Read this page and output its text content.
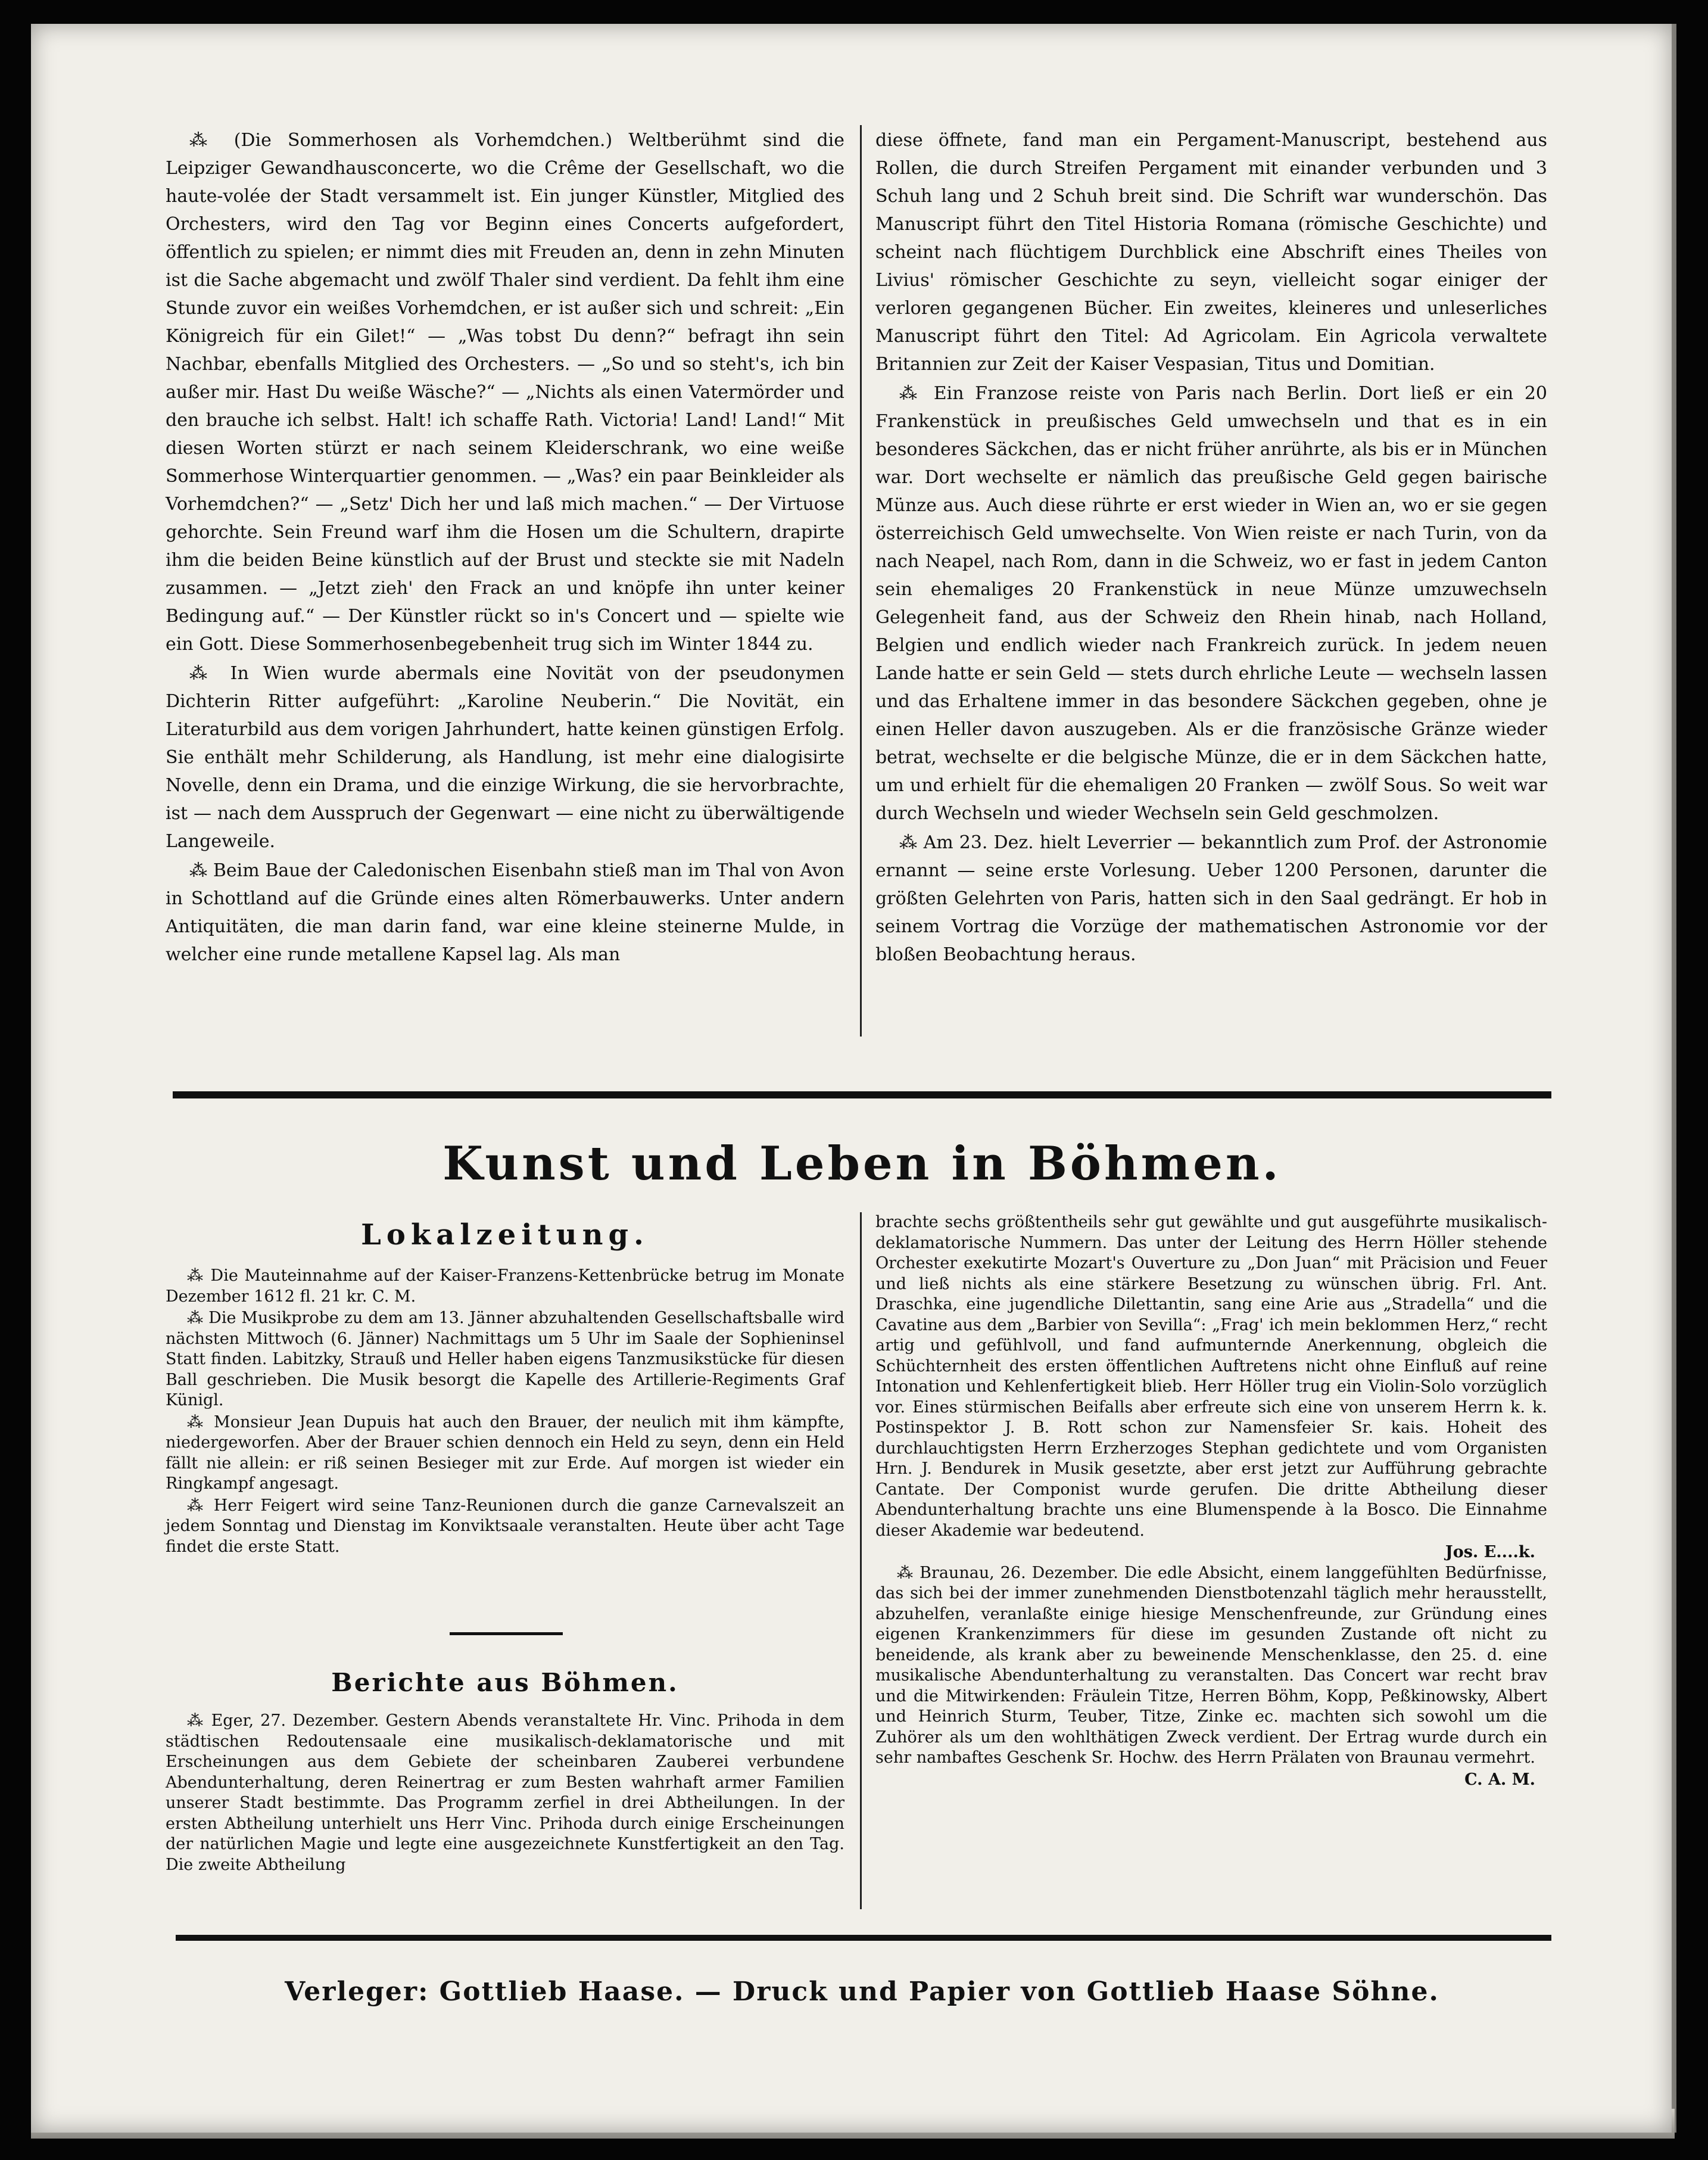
⁂ (Die Sommerhosen als Vorhemdchen.) Weltberühmt sind die Leipziger Gewandhausconcerte, wo die Crême der Gesellschaft, wo die haute-volée der Stadt versammelt ist. Ein junger Künstler, Mitglied des Orchesters, wird den Tag vor Beginn eines Concerts aufgefordert, öffentlich zu spielen; er nimmt dies mit Freuden an, denn in zehn Minuten ist die Sache abgemacht und zwölf Thaler sind verdient. Da fehlt ihm eine Stunde zuvor ein weißes Vorhemdchen, er ist außer sich und schreit: „Ein Königreich für ein Gilet!“ — „Was tobst Du denn?“ befragt ihn sein Nachbar, ebenfalls Mitglied des Orchesters. — „So und so steht's, ich bin außer mir. Hast Du weiße Wäsche?“ — „Nichts als einen Vatermörder und den brauche ich selbst. Halt! ich schaffe Rath. Victoria! Land! Land!“ Mit diesen Worten stürzt er nach seinem Kleiderschrank, wo eine weiße Sommerhose Winterquartier genommen. — „Was? ein paar Beinkleider als Vorhemdchen?“ — „Setz' Dich her und laß mich machen.“ — Der Virtuose gehorchte. Sein Freund warf ihm die Hosen um die Schultern, drapirte ihm die beiden Beine künstlich auf der Brust und steckte sie mit Nadeln zusammen. — „Jetzt zieh' den Frack an und knöpfe ihn unter keiner Bedingung auf.“ — Der Künstler rückt so in's Concert und — spielte wie ein Gott. Diese Sommerhosenbegebenheit trug sich im Winter 1844 zu.

⁂ In Wien wurde abermals eine Novität von der pseudonymen Dichterin Ritter aufgeführt: „Karoline Neuberin.“ Die Novität, ein Literaturbild aus dem vorigen Jahrhundert, hatte keinen günstigen Erfolg. Sie enthält mehr Schilderung, als Handlung, ist mehr eine dialogisirte Novelle, denn ein Drama, und die einzige Wirkung, die sie hervorbrachte, ist — nach dem Ausspruch der Gegenwart — eine nicht zu überwältigende Langeweile.

⁂ Beim Baue der Caledonischen Eisenbahn stieß man im Thal von Avon in Schottland auf die Gründe eines alten Römerbauwerks. Unter andern Antiquitäten, die man darin fand, war eine kleine steinerne Mulde, in welcher eine runde metallene Kapsel lag. Als man

diese öffnete, fand man ein Pergament-Manuscript, bestehend aus Rollen, die durch Streifen Pergament mit einander verbunden und 3 Schuh lang und 2 Schuh breit sind. Die Schrift war wunderschön. Das Manuscript führt den Titel Historia Romana (römische Geschichte) und scheint nach flüchtigem Durchblick eine Abschrift eines Theiles von Livius' römischer Geschichte zu seyn, vielleicht sogar einiger der verloren gegangenen Bücher. Ein zweites, kleineres und unleserliches Manuscript führt den Titel: Ad Agricolam. Ein Agricola verwaltete Britannien zur Zeit der Kaiser Vespasian, Titus und Domitian.

⁂ Ein Franzose reiste von Paris nach Berlin. Dort ließ er ein 20 Frankenstück in preußisches Geld umwechseln und that es in ein besonderes Säckchen, das er nicht früher anrührte, als bis er in München war. Dort wechselte er nämlich das preußische Geld gegen bairische Münze aus. Auch diese rührte er erst wieder in Wien an, wo er sie gegen österreichisch Geld umwechselte. Von Wien reiste er nach Turin, von da nach Neapel, nach Rom, dann in die Schweiz, wo er fast in jedem Canton sein ehemaliges 20 Frankenstück in neue Münze umzuwechseln Gelegenheit fand, aus der Schweiz den Rhein hinab, nach Holland, Belgien und endlich wieder nach Frankreich zurück. In jedem neuen Lande hatte er sein Geld — stets durch ehrliche Leute — wechseln lassen und das Erhaltene immer in das besondere Säckchen gegeben, ohne je einen Heller davon auszugeben. Als er die französische Gränze wieder betrat, wechselte er die belgische Münze, die er in dem Säckchen hatte, um und erhielt für die ehemaligen 20 Franken — zwölf Sous. So weit war durch Wechseln und wieder Wechseln sein Geld geschmolzen.

⁂ Am 23. Dez. hielt Leverrier — bekanntlich zum Prof. der Astronomie ernannt — seine erste Vorlesung. Ueber 1200 Personen, darunter die größten Gelehrten von Paris, hatten sich in den Saal gedrängt. Er hob in seinem Vortrag die Vorzüge der mathematischen Astronomie vor der bloßen Beobachtung heraus.

Kunst und Leben in Böhmen.
Lokalzeitung.

⁂ Die Mauteinnahme auf der Kaiser-Franzens-Kettenbrücke betrug im Monate Dezember 1612 fl. 21 kr. C. M.

⁂ Die Musikprobe zu dem am 13. Jänner abzuhaltenden Gesellschaftsballe wird nächsten Mittwoch (6. Jänner) Nachmittags um 5 Uhr im Saale der Sophieninsel Statt finden. Labitzky, Strauß und Heller haben eigens Tanzmusikstücke für diesen Ball geschrieben. Die Musik besorgt die Kapelle des Artillerie-Regiments Graf Künigl.

⁂ Monsieur Jean Dupuis hat auch den Brauer, der neulich mit ihm kämpfte, niedergeworfen. Aber der Brauer schien dennoch ein Held zu seyn, denn ein Held fällt nie allein: er riß seinen Besieger mit zur Erde. Auf morgen ist wieder ein Ringkampf angesagt.

⁂ Herr Feigert wird seine Tanz-Reunionen durch die ganze Carnevalszeit an jedem Sonntag und Dienstag im Konviktsaale veranstalten. Heute über acht Tage findet die erste Statt.

Berichte aus Böhmen.

⁂ Eger, 27. Dezember. Gestern Abends veranstaltete Hr. Vinc. Prihoda in dem städtischen Redoutensaale eine musikalisch-deklamatorische und mit Erscheinungen aus dem Gebiete der scheinbaren Zauberei verbundene Abendunterhaltung, deren Reinertrag er zum Besten wahrhaft armer Familien unserer Stadt bestimmte. Das Programm zerfiel in drei Abtheilungen. In der ersten Abtheilung unterhielt uns Herr Vinc. Prihoda durch einige Erscheinungen der natürlichen Magie und legte eine ausgezeichnete Kunstfertigkeit an den Tag. Die zweite Abtheilung

brachte sechs größtentheils sehr gut gewählte und gut ausgeführte musikalisch-deklamatorische Nummern. Das unter der Leitung des Herrn Höller stehende Orchester exekutirte Mozart's Ouverture zu „Don Juan“ mit Präcision und Feuer und ließ nichts als eine stärkere Besetzung zu wünschen übrig. Frl. Ant. Draschka, eine jugendliche Dilettantin, sang eine Arie aus „Stradella“ und die Cavatine aus dem „Barbier von Sevilla“: „Frag' ich mein beklommen Herz,“ recht artig und gefühlvoll, und fand aufmunternde Anerkennung, obgleich die Schüchternheit des ersten öffentlichen Auftretens nicht ohne Einfluß auf reine Intonation und Kehlenfertigkeit blieb. Herr Höller trug ein Violin-Solo vorzüglich vor. Eines stürmischen Beifalls aber erfreute sich eine von unserem Herrn k. k. Postinspektor J. B. Rott schon zur Namensfeier Sr. kais. Hoheit des durchlauchtigsten Herrn Erzherzoges Stephan gedichtete und vom Organisten Hrn. J. Bendurek in Musik gesetzte, aber erst jetzt zur Aufführung gebrachte Cantate. Der Componist wurde gerufen. Die dritte Abtheilung dieser Abendunterhaltung brachte uns eine Blumenspende à la Bosco. Die Einnahme dieser Akademie war bedeutend.

Jos. E....k.

⁂ Braunau, 26. Dezember. Die edle Absicht, einem langgefühlten Bedürfnisse, das sich bei der immer zunehmenden Dienstbotenzahl täglich mehr herausstellt, abzuhelfen, veranlaßte einige hiesige Menschenfreunde, zur Gründung eines eigenen Krankenzimmers für diese im gesunden Zustande oft nicht zu beneidende, als krank aber zu beweinende Menschenklasse, den 25. d. eine musikalische Abendunterhaltung zu veranstalten. Das Concert war recht brav und die Mitwirkenden: Fräulein Titze, Herren Böhm, Kopp, Peßkinowsky, Albert und Heinrich Sturm, Teuber, Titze, Zinke ec. machten sich sowohl um die Zuhörer als um den wohlthätigen Zweck verdient. Der Ertrag wurde durch ein sehr nambaftes Geschenk Sr. Hochw. des Herrn Prälaten von Braunau vermehrt.

C. A. M.
Verleger: Gottlieb Haase. — Druck und Papier von Gottlieb Haase Söhne.
